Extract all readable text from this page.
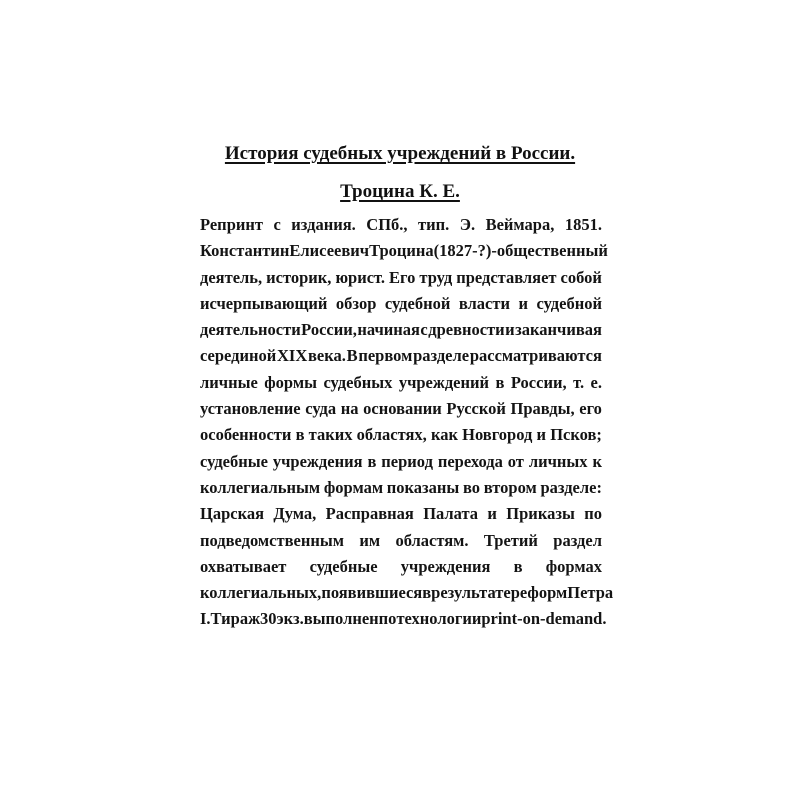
История судебных учреждений в России.
Троцина К. Е.
Репринт с издания. СПб., тип. Э. Веймара, 1851.
Константин Елисеевич Троцина (1827-?) - общественный
деятель, историк, юрист. Его труд представляет собой
исчерпывающий обзор судебной власти и судебной
деятельности России, начиная с древности и заканчивая
серединой XIX века. В первом разделе рассматриваются
личные формы судебных учреждений в России, т. е.
установление суда на основании Русской Правды, его
особенности в таких областях, как Новгород и Псков;
судебные учреждения в период перехода от личных к
коллегиальным формам показаны во втором разделе:
Царская Дума, Расправная Палата и Приказы по
подведомственным им областям. Третий раздел
охватывает судебные учреждения в формах
коллегиальных, появившиеся в результате реформ Петра
I. Тираж 30 экз. выполнен по технологии print-on-demand.
